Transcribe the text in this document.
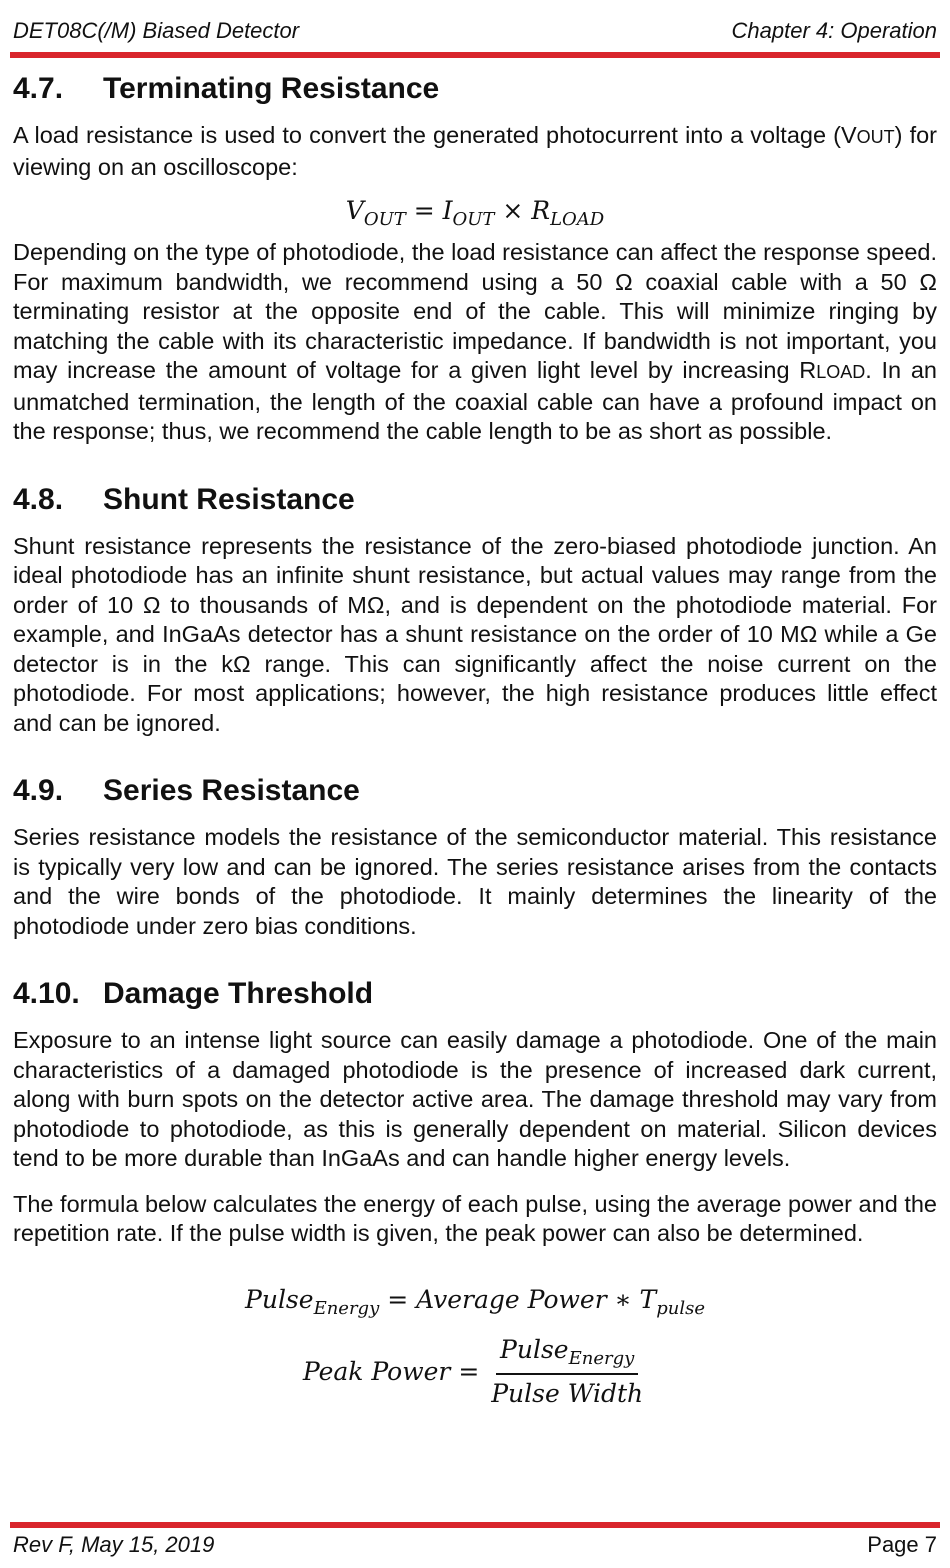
DET08C(/M) Biased Detector	Chapter 4: Operation
4.7.	Terminating Resistance

A load resistance is used to convert the generated photocurrent into a voltage (VOUT) for viewing on an oscilloscope:

$V_{OUT} = I_{OUT} \times R_{LOAD}$

Depending on the type of photodiode, the load resistance can affect the response speed. For maximum bandwidth, we recommend using a 50 Ω coaxial cable with a 50 Ω terminating resistor at the opposite end of the cable. This will minimize ringing by matching the cable with its characteristic impedance. If bandwidth is not important, you may increase the amount of voltage for a given light level by increasing RLOAD. In an unmatched termination, the length of the coaxial cable can have a profound impact on the response; thus, we recommend the cable length to be as short as possible.

4.8.	Shunt Resistance

Shunt resistance represents the resistance of the zero-biased photodiode junction. An ideal photodiode has an infinite shunt resistance, but actual values may range from the order of 10 Ω to thousands of MΩ, and is dependent on the photodiode material. For example, and InGaAs detector has a shunt resistance on the order of 10 MΩ while a Ge detector is in the kΩ range. This can significantly affect the noise current on the photodiode. For most applications; however, the high resistance produces little effect and can be ignored.

4.9.	Series Resistance

Series resistance models the resistance of the semiconductor material. This resistance is typically very low and can be ignored. The series resistance arises from the contacts and the wire bonds of the photodiode. It mainly determines the linearity of the photodiode under zero bias conditions.

4.10. Damage Threshold

Exposure to an intense light source can easily damage a photodiode. One of the main characteristics of a damaged photodiode is the presence of increased dark current, along with burn spots on the detector active area. The damage threshold may vary from photodiode to photodiode, as this is generally dependent on material. Silicon devices tend to be more durable than InGaAs and can handle higher energy levels.

The formula below calculates the energy of each pulse, using the average power and the repetition rate. If the pulse width is given, the peak power can also be determined.

Pulse$_{Energy}$ = Average Power ∗ $T_{pulse}$
Peak Power = $\frac{Pulse_{Energy}}{\text{Pulse Width}}$
Rev F, May 15, 2019	Page 7
